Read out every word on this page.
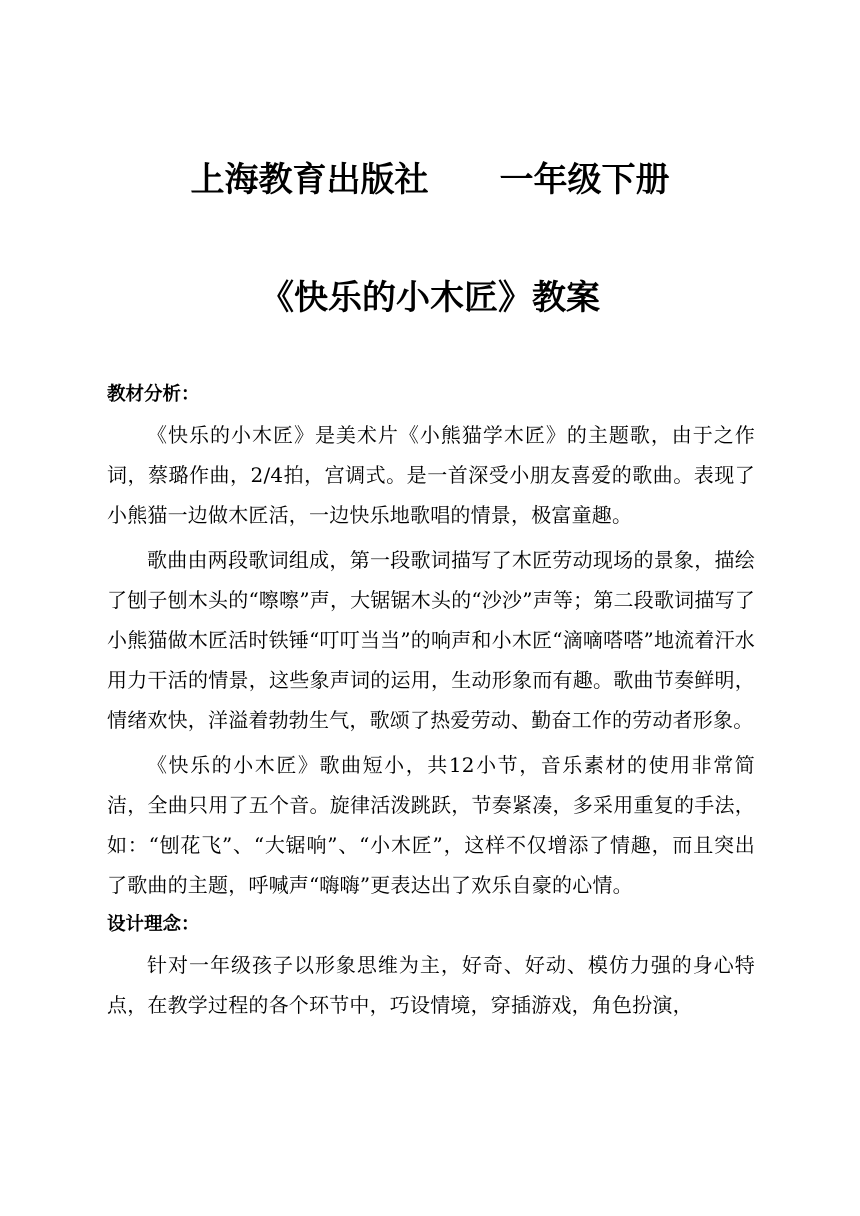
上海教育出版社      一年级下册
《快乐的小木匠》教案

教材分析：

《快乐的小木匠》是美术片《小熊猫学木匠》的主题歌，由于之作词，蔡璐作曲，2/4拍，宫调式。是一首深受小朋友喜爱的歌曲。表现了小熊猫一边做木匠活，一边快乐地歌唱的情景，极富童趣。

歌曲由两段歌词组成，第一段歌词描写了木匠劳动现场的景象，描绘了刨子刨木头的“嚓嚓”声，大锯锯木头的“沙沙”声等；第二段歌词描写了小熊猫做木匠活时铁锤“叮叮当当”的响声和小木匠“滴嘀嗒嗒”地流着汗水用力干活的情景，这些象声词的运用，生动形象而有趣。歌曲节奏鲜明，情绪欢快，洋溢着勃勃生气，歌颂了热爱劳动、勤奋工作的劳动者形象。

《快乐的小木匠》歌曲短小，共12小节，音乐素材的使用非常简洁，全曲只用了五个音。旋律活泼跳跃，节奏紧凑，多采用重复的手法，如：“刨花飞”、“大锯响”、“小木匠”，这样不仅增添了情趣，而且突出了歌曲的主题，呼喊声“嗨嗨”更表达出了欢乐自豪的心情。

设计理念：

针对一年级孩子以形象思维为主，好奇、好动、模仿力强的身心特点，在教学过程的各个环节中，巧设情境，穿插游戏，角色扮演，
